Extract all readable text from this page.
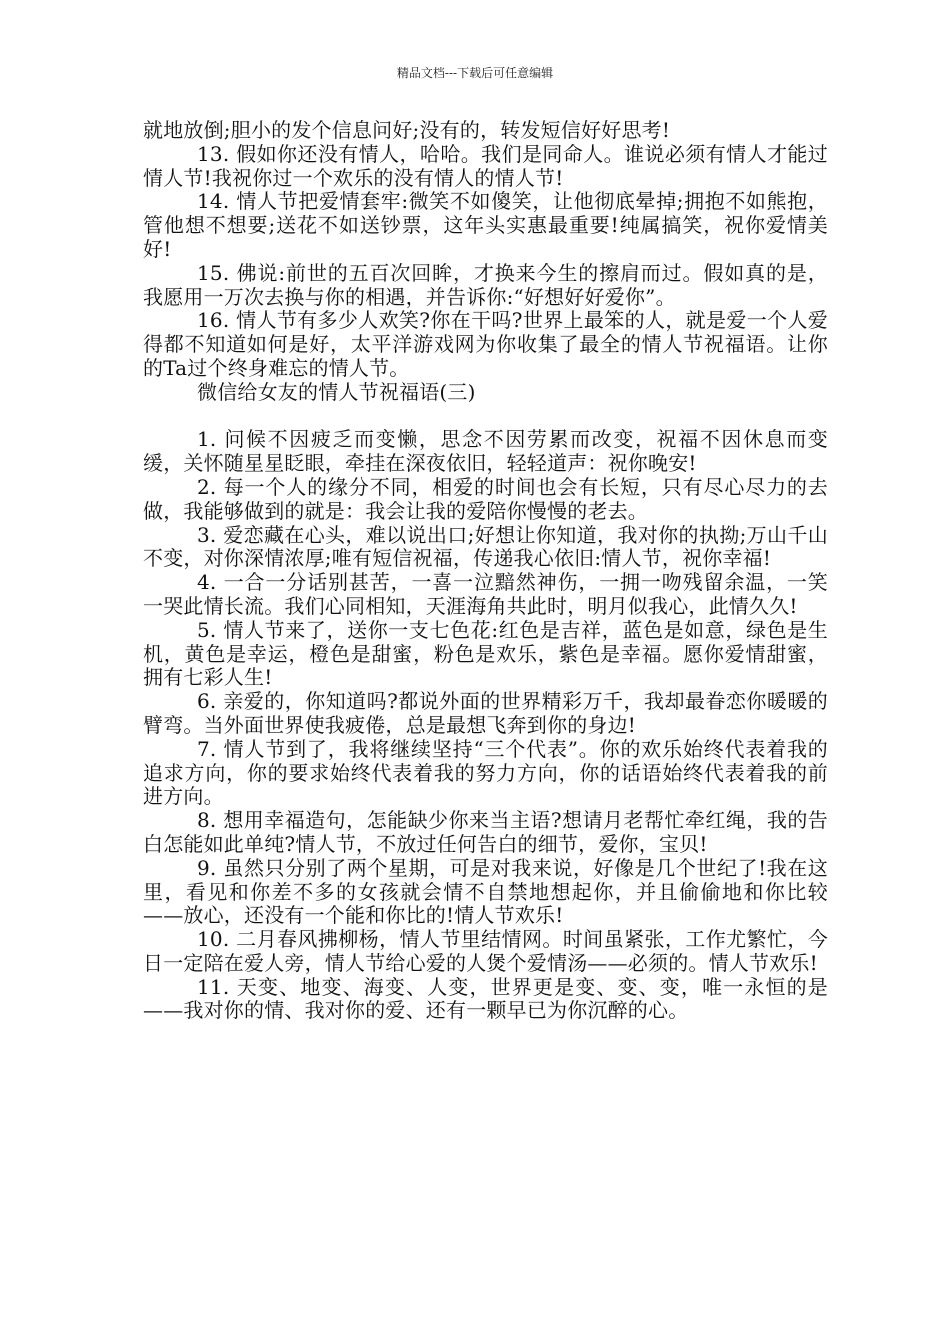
精品文档---下载后可任意编辑

就地放倒;胆小的发个信息问好;没有的，转发短信好好思考!

13. 假如你还没有情人，哈哈。我们是同命人。谁说必须有情人才能过情人节!我祝你过一个欢乐的没有情人的情人节!

14. 情人节把爱情套牢:微笑不如傻笑，让他彻底晕掉;拥抱不如熊抱，管他想不想要;送花不如送钞票，这年头实惠最重要!纯属搞笑，祝你爱情美好!

15. 佛说:前世的五百次回眸，才换来今生的擦肩而过。假如真的是，我愿用一万次去换与你的相遇，并告诉你:“好想好好爱你”。

16. 情人节有多少人欢笑?你在干吗?世界上最笨的人，就是爱一个人爱得都不知道如何是好，太平洋游戏网为你收集了最全的情人节祝福语。让你的Ta过个终身难忘的情人节。

微信给女友的情人节祝福语(三)

1. 问候不因疲乏而变懒，思念不因劳累而改变，祝福不因休息而变缓，关怀随星星眨眼，牵挂在深夜依旧，轻轻道声：祝你晚安!

2. 每一个人的缘分不同，相爱的时间也会有长短，只有尽心尽力的去做，我能够做到的就是：我会让我的爱陪你慢慢的老去。

3. 爱恋藏在心头，难以说出口;好想让你知道，我对你的执拗;万山千山不变，对你深情浓厚;唯有短信祝福，传递我心依旧:情人节，祝你幸福!

4. 一合一分话别甚苦，一喜一泣黯然神伤，一拥一吻残留余温，一笑一哭此情长流。我们心同相知，天涯海角共此时，明月似我心，此情久久!

5. 情人节来了，送你一支七色花:红色是吉祥，蓝色是如意，绿色是生机，黄色是幸运，橙色是甜蜜，粉色是欢乐，紫色是幸福。愿你爱情甜蜜，拥有七彩人生!

6. 亲爱的，你知道吗?都说外面的世界精彩万千，我却最眷恋你暖暖的臂弯。当外面世界使我疲倦，总是最想飞奔到你的身边!

7. 情人节到了，我将继续坚持“三个代表”。你的欢乐始终代表着我的追求方向，你的要求始终代表着我的努力方向，你的话语始终代表着我的前进方向。

8. 想用幸福造句，怎能缺少你来当主语?想请月老帮忙牵红绳，我的告白怎能如此单纯?情人节，不放过任何告白的细节，爱你，宝贝!

9. 虽然只分别了两个星期，可是对我来说，好像是几个世纪了!我在这里，看见和你差不多的女孩就会情不自禁地想起你，并且偷偷地和你比较——放心，还没有一个能和你比的!情人节欢乐!

10. 二月春风拂柳杨，情人节里结情网。时间虽紧张，工作尤繁忙，今日一定陪在爱人旁，情人节给心爱的人煲个爱情汤——必须的。情人节欢乐!

11. 天变、地变、海变、人变，世界更是变、变、变，唯一永恒的是——我对你的情、我对你的爱、还有一颗早已为你沉醉的心。
